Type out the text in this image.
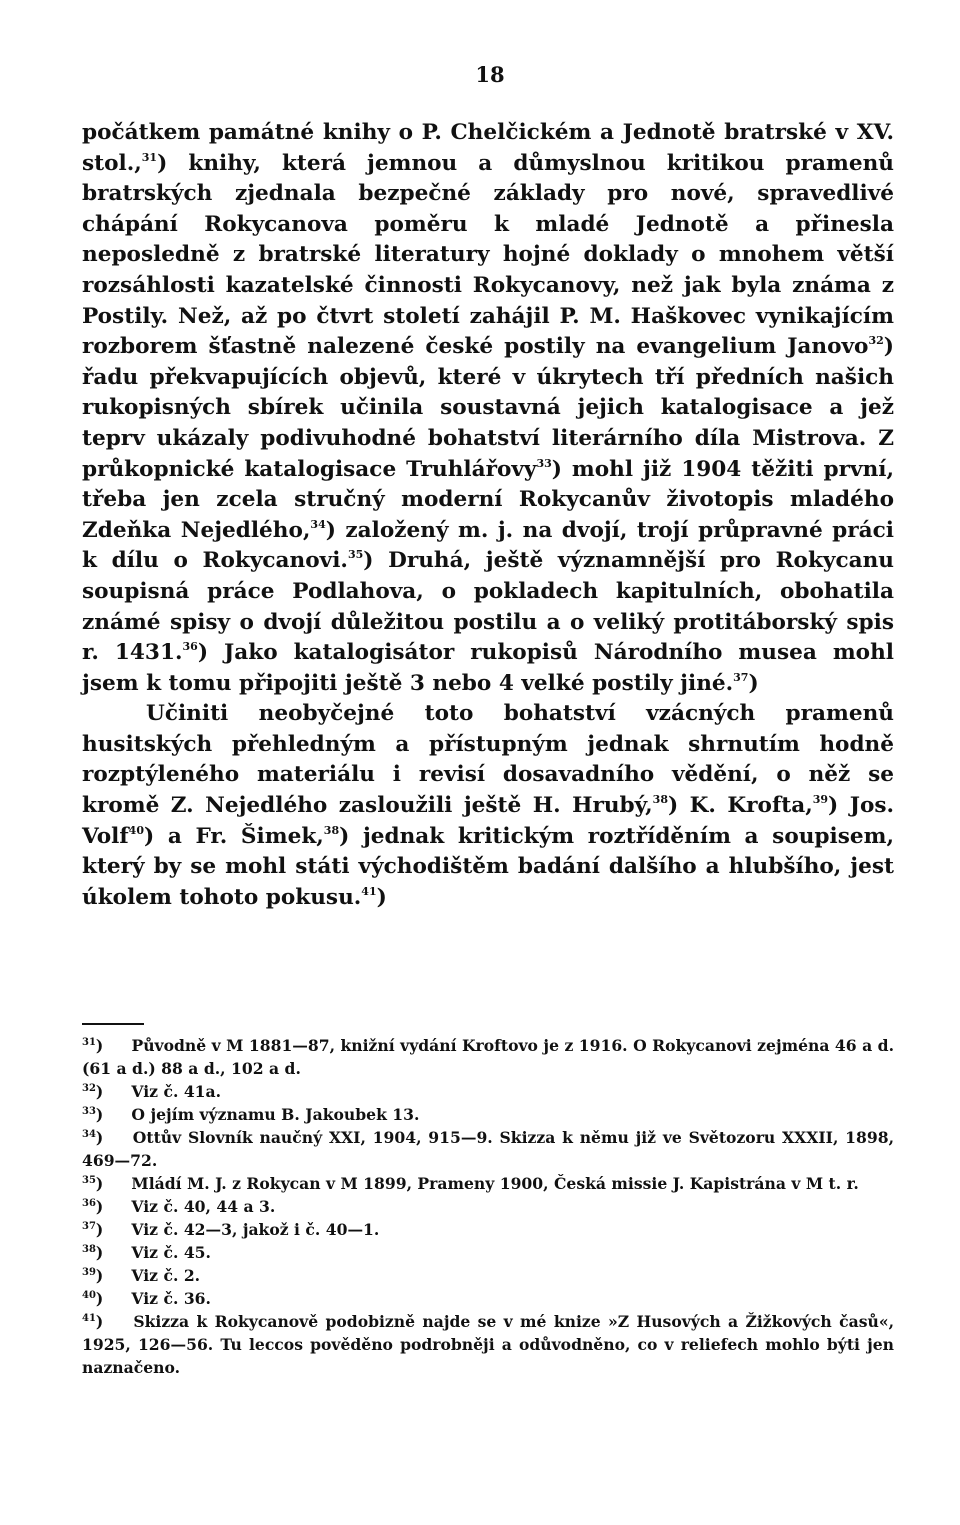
18

počátkem památné knihy o P. Chelčickém a Jednotě bratrské v XV. stol.,$^{31}$) knihy, která jemnou a důmyslnou kritikou pramenů bratrských zjednala bezpečné základy pro nové, spravedlivé chápání Rokycanova poměru k mladé Jednotě a přinesla neposledně z bratrské literatury hojné doklady o mnohem větší rozsáhlosti kazatelské činnosti Rokycanovy, než jak byla známa z Postily. Než, až po čtvrt století zahájil P. M. Haškovec vynikajícím rozborem šťastně nalezené české postily na evangelium Janovo$^{32}$) řadu překvapujících objevů, které v úkrytech tří předních našich rukopisných sbírek učinila soustavná jejich katalogisace a jež teprv ukázaly podivuhodné bohatství literárního díla Mistrova. Z průkopnické katalogisace Truhlářovy$^{33}$) mohl již 1904 těžiti první, třeba jen zcela stručný moderní Rokycanův životopis mladého Zdeňka Nejedlého,$^{34}$) založený m. j. na dvojí, trojí průpravné práci k dílu o Rokycanovi.$^{35}$) Druhá, ještě významnější pro Rokycanu soupisná práce Podlahova, o pokladech kapitulních, obohatila známé spisy o dvojí důležitou postilu a o veliký protitáborský spis r. 1431.36) Jako katalogisátor rukopisů Národního musea mohl jsem k tomu připojiti ještě 3 nebo 4 velké postily jiné.$^{37}$)

Učiniti neobyčejné toto bohatství vzácných pramenů husitských přehledným a přístupným jednak shrnutím hodně rozptýleného materiálu i revisí dosavadního vědění, o něž se kromě Z. Nejedlého zasloužili ještě H. Hrubý,$^{38}$) K. Krofta,$^{39}$) Jos. Volf$^{40}$) a Fr. Šimek,$^{38}$) jednak kritickým roztříděním a soupisem, který by se mohl státi východištěm badání dalšího a hlubšího, jest úkolem tohoto pokusu.$^{41}$)

$^{31}$) Původně v M 1881—87, knižní vydání Kroftovo je z 1916. O Rokycanovi zejména 46 a d. (61 a d.) 88 a d., 102 a d.

$^{32}$) Viz č. 41a.

$^{33}$) O jejím významu B. Jakoubek 13.

$^{34}$) Ottův Slovník naučný XXI, 1904, 915—9. Skizza k němu již ve Světozoru XXXII, 1898, 469—72.

$^{35}$) Mládí M. J. z Rokycan v M 1899, Prameny 1900, Česká missie J. Kapistrána v M t. r.

$^{36}$) Viz č. 40, 44 a 3.

$^{37}$) Viz č. 42—3, jakož i č. 40—1.

$^{38}$) Viz č. 45.

$^{39}$) Viz č. 2.

$^{40}$) Viz č. 36.

$^{41}$) Skizza k Rokycanově podobizně najde se v mé knize »Z Husových a Žižkových časů«, 1925, 126—56. Tu leccos pověděno podrobněji a odůvodněno, co v reliefech mohlo býti jen naznačeno.
